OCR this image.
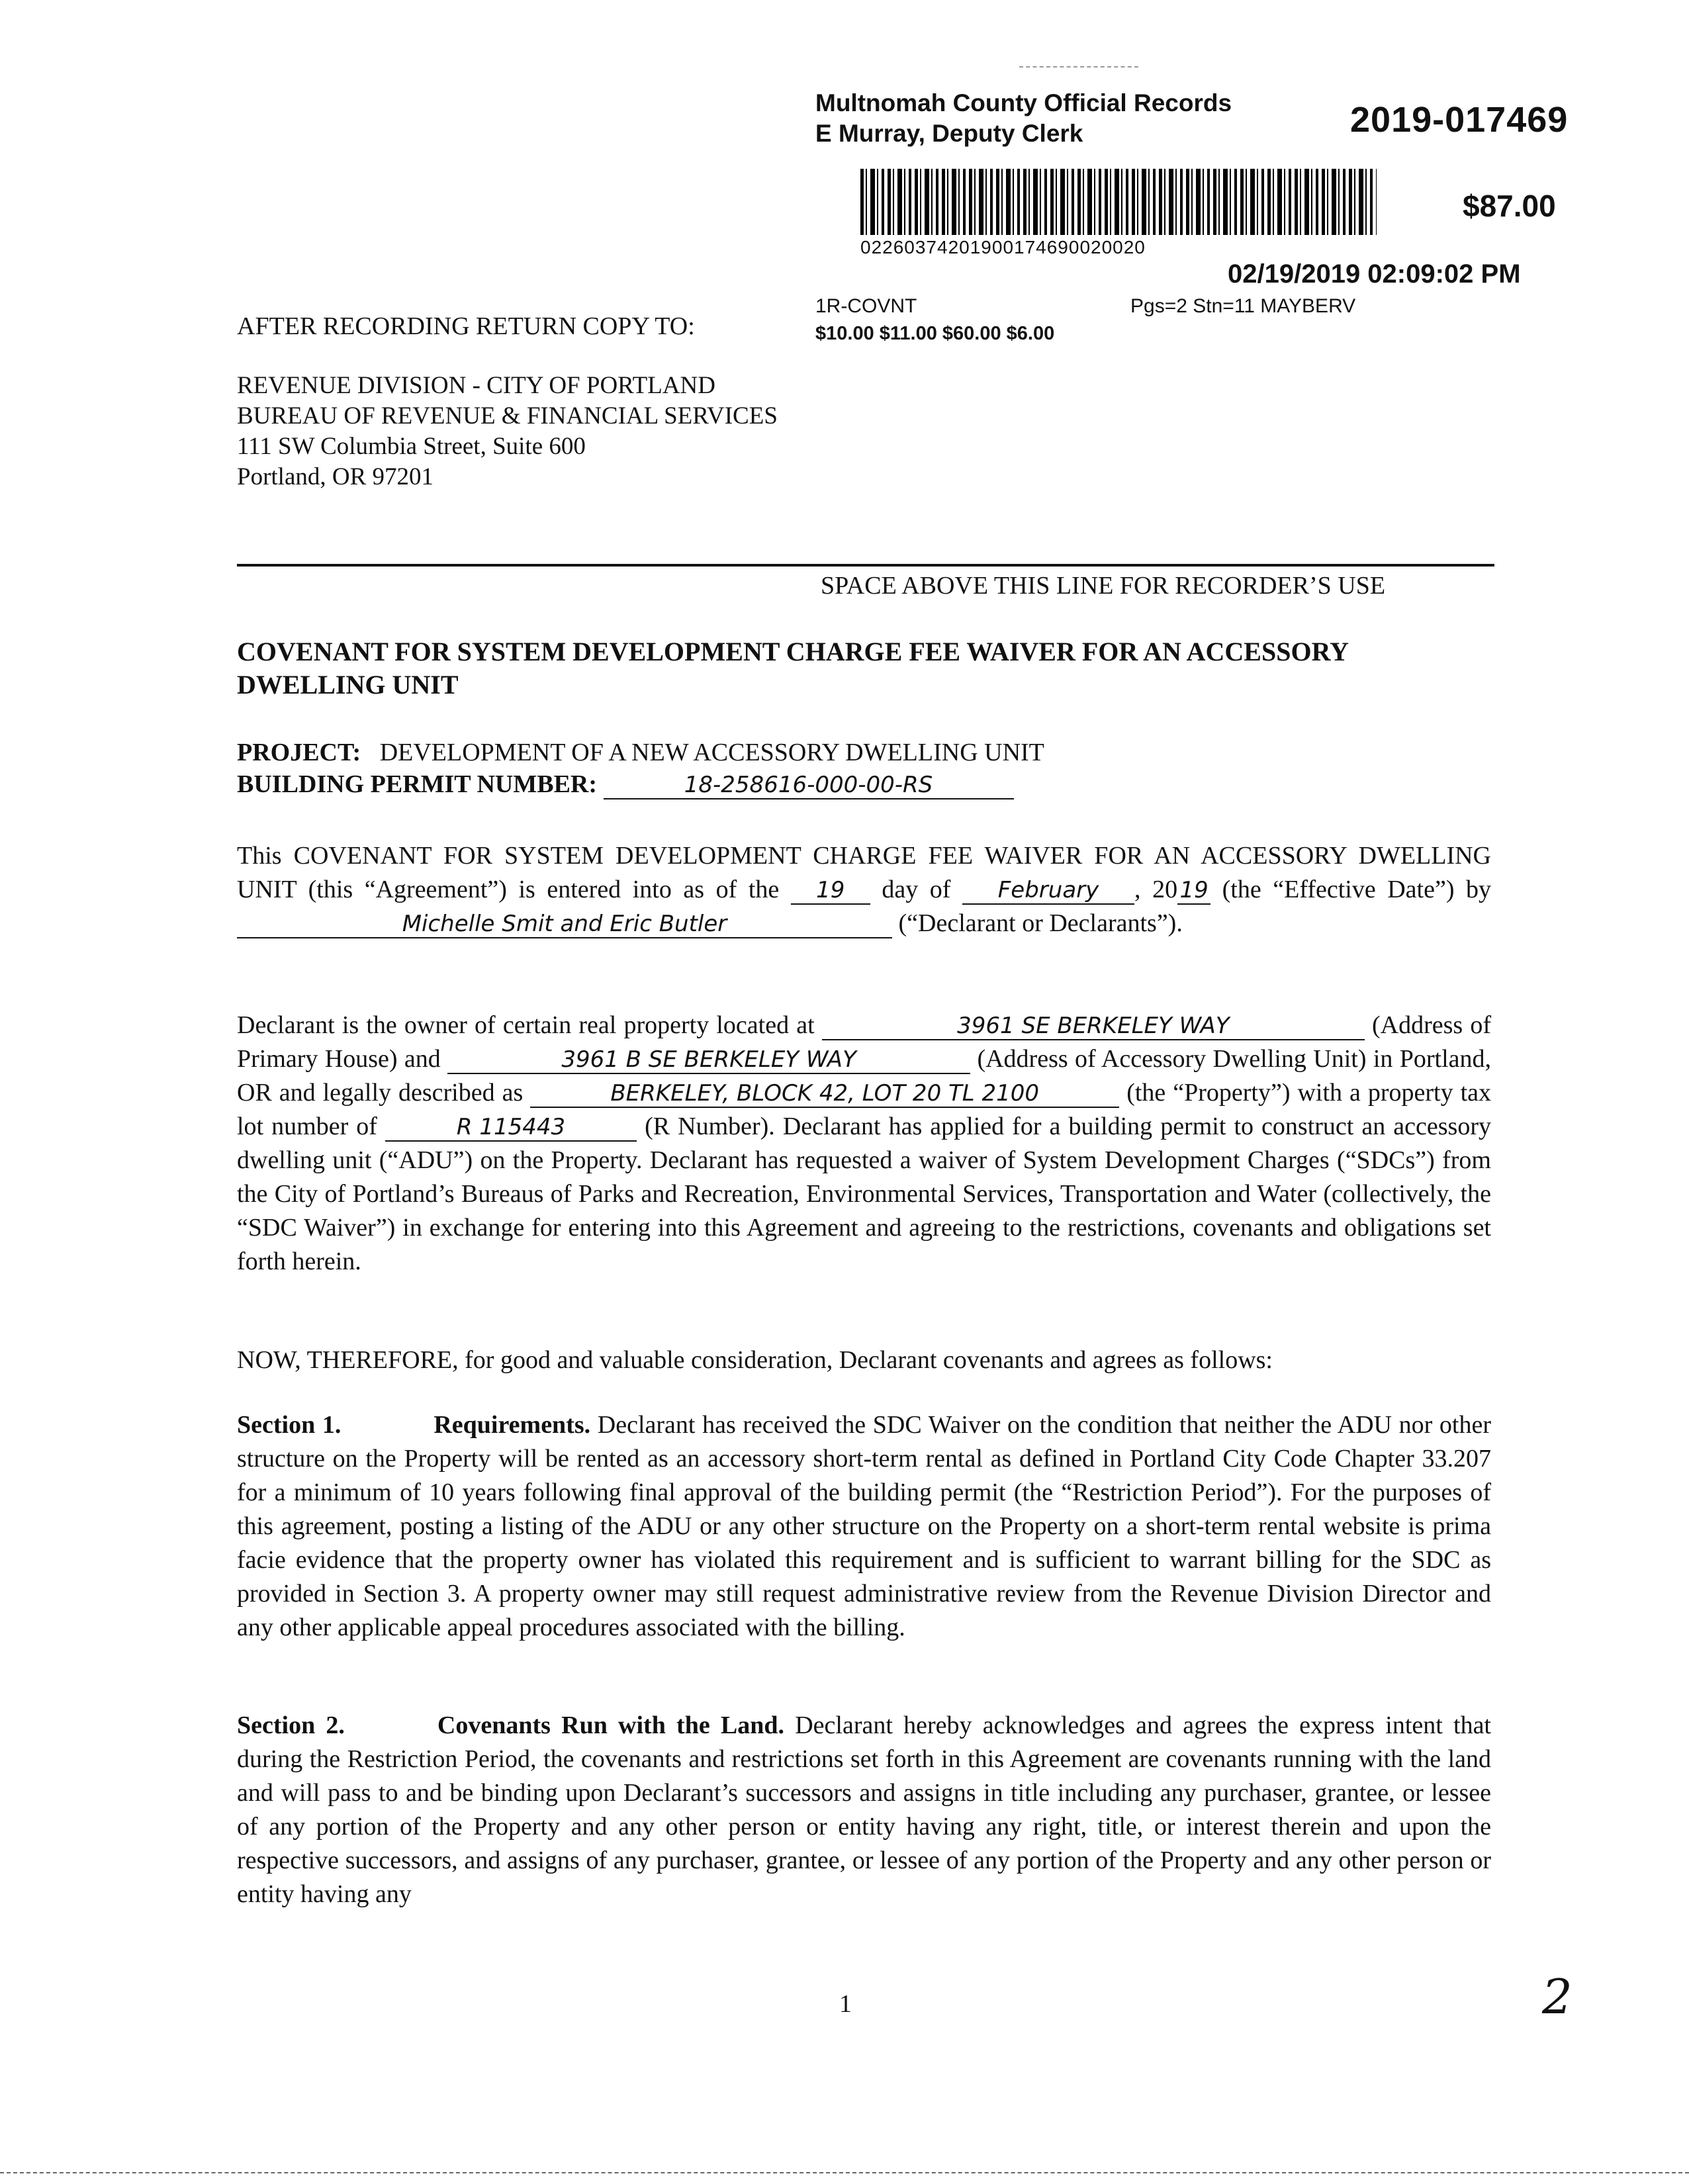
Multnomah County Official Records
E Murray, Deputy Clerk	2019-017469
$87.00
02260374201900174690020020
02/19/2019 02:09:02 PM
1R-COVNT
$10.00 $11.00 $60.00 $6.00
Pgs=2 Stn=11 MAYBERV
AFTER RECORDING RETURN COPY TO:
REVENUE DIVISION - CITY OF PORTLAND
BUREAU OF REVENUE & FINANCIAL SERVICES
111 SW Columbia Street, Suite 600
Portland, OR 97201
SPACE ABOVE THIS LINE FOR RECORDER’S USE
COVENANT FOR SYSTEM DEVELOPMENT CHARGE FEE WAIVER FOR AN ACCESSORY DWELLING UNIT
PROJECT: DEVELOPMENT OF A NEW ACCESSORY DWELLING UNIT
BUILDING PERMIT NUMBER:	18-258616-000-00-RS
This COVENANT FOR SYSTEM DEVELOPMENT CHARGE FEE WAIVER FOR AN ACCESSORY DWELLING UNIT (this “Agreement”) is entered into as of the 19 day of February , 2019 (the “Effective Date”) by Michelle Smit and Eric Butler	(“Declarant or Declarants”).
Declarant is the owner of certain real property located at	3961 SE BERKELEY WAY	(Address of Primary House) and	3961 B SE BERKELEY WAY	(Address of Accessory Dwelling Unit) in Portland, OR and legally described as	BERKELEY, BLOCK 42, LOT 20 TL 2100	(the “Property”) with a property tax lot number of	R 115443	(R Number). Declarant has applied for a building permit to construct an accessory dwelling unit (“ADU”) on the Property. Declarant has requested a waiver of System Development Charges (“SDCs”) from the City of Portland’s Bureaus of Parks and Recreation, Environmental Services, Transportation and Water (collectively, the “SDC Waiver”) in exchange for entering into this Agreement and agreeing to the restrictions, covenants and obligations set forth herein.
NOW, THEREFORE, for good and valuable consideration, Declarant covenants and agrees as follows:
Section 1.	Requirements. Declarant has received the SDC Waiver on the condition that neither the ADU nor other structure on the Property will be rented as an accessory short-term rental as defined in Portland City Code Chapter 33.207 for a minimum of 10 years following final approval of the building permit (the “Restriction Period”). For the purposes of this agreement, posting a listing of the ADU or any other structure on the Property on a short-term rental website is prima facie evidence that the property owner has violated this requirement and is sufficient to warrant billing for the SDC as provided in Section 3. A property owner may still request administrative review from the Revenue Division Director and any other applicable appeal procedures associated with the billing.
Section 2.	Covenants Run with the Land. Declarant hereby acknowledges and agrees the express intent that during the Restriction Period, the covenants and restrictions set forth in this Agreement are covenants running with the land and will pass to and be binding upon Declarant’s successors and assigns in title including any purchaser, grantee, or lessee of any portion of the Property and any other person or entity having any right, title, or interest therein and upon the respective successors, and assigns of any purchaser, grantee, or lessee of any portion of the Property and any other person or entity having any
1	2
